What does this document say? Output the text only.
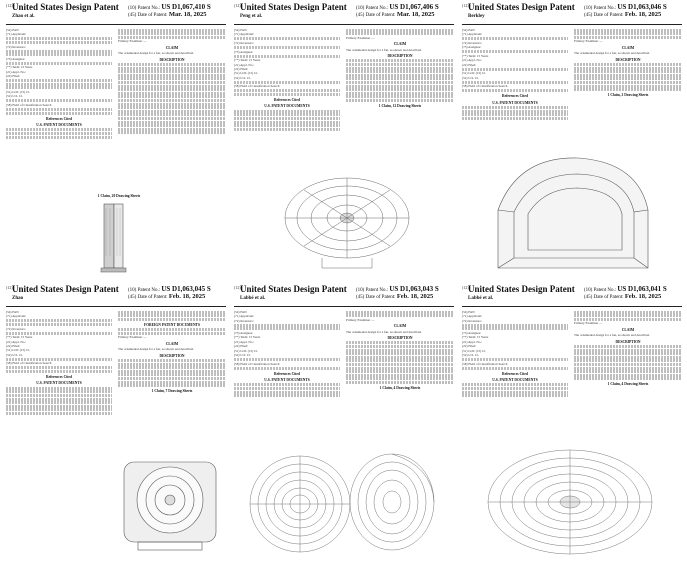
(12) United States Design Patent
Zhao et al.
(10) Patent No.: US D1,067,410 S
(45) Date of Patent: Mar. 18, 2025
(54) FAN
(71) Applicant:
(72) Inventors:
(73) Assignee:
(**) Term: 15 Years
(21) Appl. No.:
(22) Filed:
(51) LOC (15) Cl.
(52) U.S. Cl.
(58) Field of Classification Search
References Cited
U.S. PATENT DOCUMENTS
Primary Examiner —
CLAIM
The ornamental design for a fan, as shown and described.
DESCRIPTION
1 Claim, 20 Drawing Sheets
(12) United States Design Patent
Peng et al.
(10) Patent No.: US D1,067,406 S
(45) Date of Patent: Mar. 18, 2025
(54) FAN
(71) Applicant:
(72) Inventors:
(73) Assignee:
(**) Term: 15 Years
(21) Appl. No.:
(22) Filed:
(51) LOC (15) Cl.
(52) U.S. Cl.
(58) Field of Classification Search
References Cited
U.S. PATENT DOCUMENTS
Primary Examiner —
CLAIM
The ornamental design for a fan, as shown and described.
DESCRIPTION
1 Claim, 12 Drawing Sheets
(12) United States Design Patent
Berkley
(10) Patent No.: US D1,063,046 S
(45) Date of Patent: Feb. 18, 2025
(54) FAN
(71) Applicant:
(72) Inventors:
(73) Assignee:
(**) Term: 15 Years
(21) Appl. No.:
(22) Filed:
(51) LOC (15) Cl.
(52) U.S. Cl.
(58) Field of Classification Search
References Cited
U.S. PATENT DOCUMENTS
Primary Examiner —
CLAIM
The ornamental design for a fan, as shown and described.
DESCRIPTION
1 Claim, 2 Drawing Sheets
(12) United States Design Patent
Zhao
(10) Patent No.: US D1,063,045 S
(45) Date of Patent: Feb. 18, 2025
(54) FAN
(71) Applicant:
(72) Inventors:
(**) Term: 15 Years
(21) Appl. No.:
(22) Filed:
(51) LOC (15) Cl.
(52) U.S. Cl.
(58) Field of Classification Search
References Cited
U.S. PATENT DOCUMENTS
FOREIGN PATENT DOCUMENTS
Primary Examiner —
CLAIM
The ornamental design for a fan, as shown and described.
DESCRIPTION
1 Claim, 7 Drawing Sheets
(12) United States Design Patent
Labbé et al.
(10) Patent No.: US D1,063,043 S
(45) Date of Patent: Feb. 18, 2025
(54) FAN
(71) Applicant:
(72) Inventors:
(73) Assignee:
(**) Term: 15 Years
(21) Appl. No.:
(22) Filed:
(51) LOC (15) Cl.
(52) U.S. Cl.
(58) Field of Classification Search
References Cited
U.S. PATENT DOCUMENTS
Primary Examiner —
CLAIM
The ornamental design for a fan, as shown and described.
DESCRIPTION
1 Claim, 4 Drawing Sheets
(12) United States Design Patent
Labbé et al.
(10) Patent No.: US D1,063,041 S
(45) Date of Patent: Feb. 18, 2025
(54) FAN
(71) Applicant:
(72) Inventors:
(73) Assignee:
(**) Term: 15 Years
(21) Appl. No.:
(22) Filed:
(51) LOC (15) Cl.
(52) U.S. Cl.
(58) Field of Classification Search
References Cited
U.S. PATENT DOCUMENTS
Primary Examiner —
CLAIM
The ornamental design for a fan, as shown and described.
DESCRIPTION
1 Claim, 4 Drawing Sheets
